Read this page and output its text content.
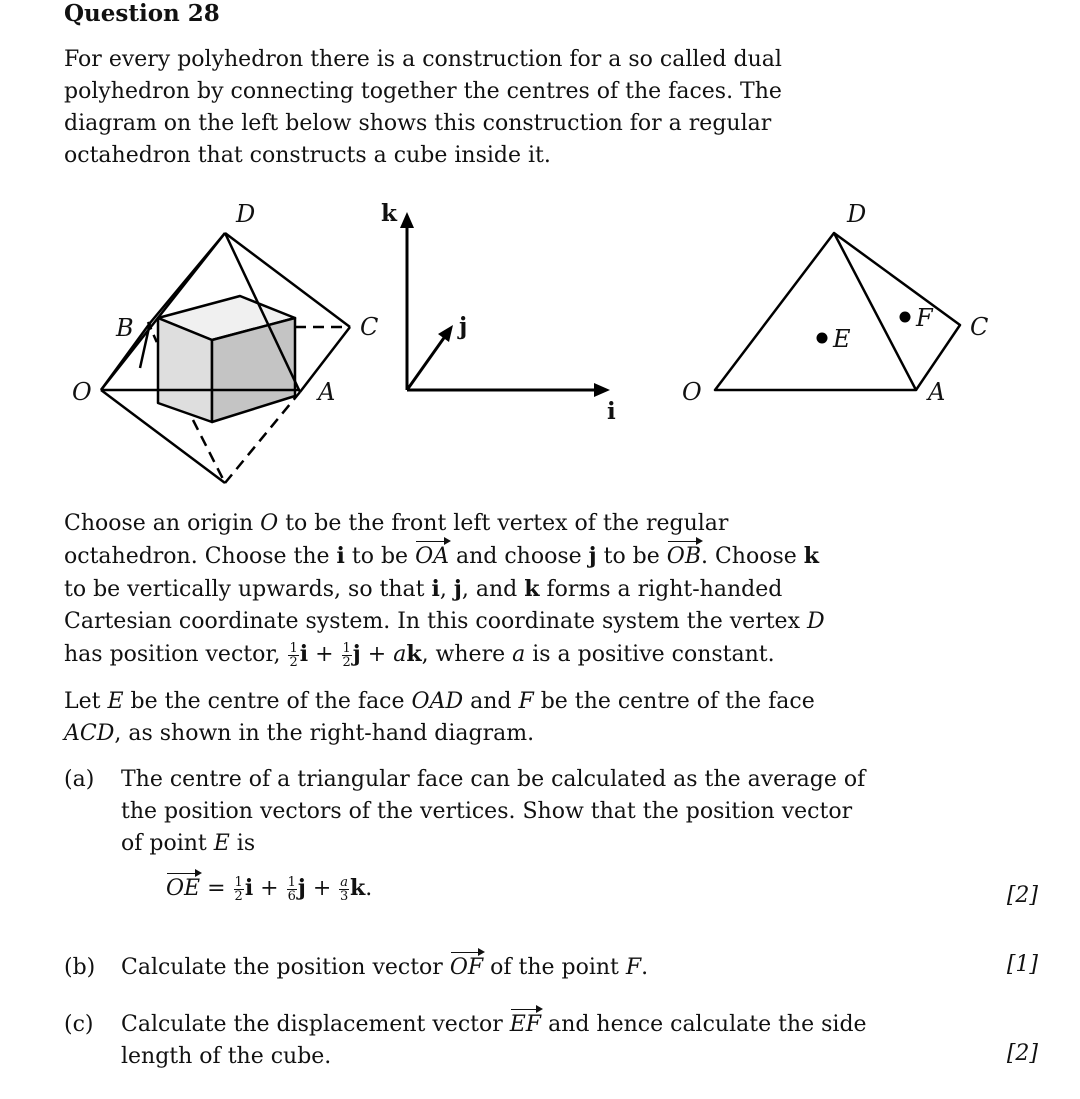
Question 28

For every polyhedron there is a construction for a so called dual

polyhedron by connecting together the centres of the faces. The

diagram on the left below shows this construction for a regular

octahedron that constructs a cube inside it.

D
B	C
O	A
k
j
i
D
F C
E
O	A

Choose an origin O to be the front left vertex of the regular

octahedron. Choose the i to be OA and choose j to be OB. Choose k

to be vertically upwards, so that i, j, and k forms a right-handed

Cartesian coordinate system. In this coordinate system the vertex D

has position vector, $\frac{1}{2}$ $i + \frac{1}{2}$ j + ak, where a is a positive constant.

Let E be the centre of the face OAD and F be the centre of the face

ACD, as shown in the right-hand diagram.

(a) The centre of a triangular face can be calculated as the average of

the position vectors of the vertices. Show that the position vector

of point E is

OE = $\frac{1}{2}$ $i + \frac{1}{6}$ $j + \frac{a}{3} k$.	[2]
(b) Calculate the position vector OF of the point F.	[1]
(c) Calculate the displacement vector EF and hence calculate the side

length of the cube.	[2]
